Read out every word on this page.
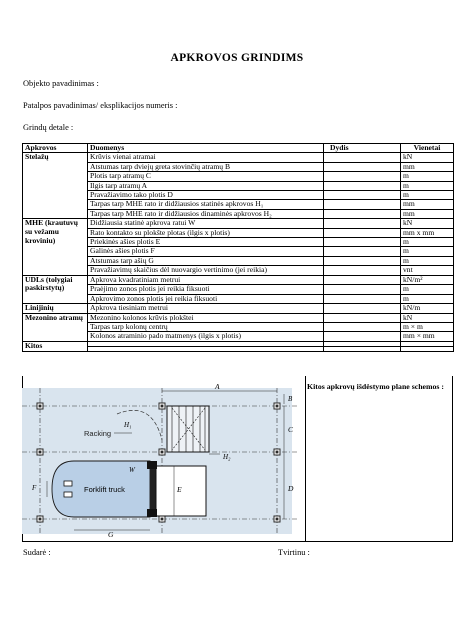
APKROVOS GRINDIMS
Objekto pavadinimas :
Patalpos pavadinimas/ eksplikacijos numeris :
Grindų detale :
Apkrovos	Duomenys	Dydis	Vienetai
Stelažų	Krūvis vienai atramai		kN
	Atstumas tarp dviejų greta stovinčių atramų B		mm
	Plotis tarp atramų C		m
	Ilgis tarp atramų A		m
	Pravažiavimo tako plotis D		m
	Tarpas tarp MHE rato ir didžiausios statinės apkrovos H₁		mm
	Tarpas tarp MHE rato ir didžiausios dinaminės apkrovos H₂		mm
MHE (krautuvų su vežamu kroviniu)	Didžiausia statinė apkrova ratui W		kN
	Rato kontakto su plokšte plotas (ilgis x plotis)		mm x mm
	Priekinės ašies plotis E		m
	Galinės ašies plotis F		m
	Atstumas tarp ašių G		m
	Pravažiavimų skaičius dėl nuovargio vertinimo (jei reikia)		vnt
UDLs (tolygiai paskirstytų)	Apkrova kvadratiniam metrui		kN/m²
	Praėjimo zonos plotis jei reikia fiksuoti		m
	Apkrovimo zonos plotis jei reikia fiksuoti		m
Linijinių	Apkrova tiesiniam metrui		kN/m
Mezonino atramų	Mezonino kolonos krūvis plokštei		kN
	Tarpas tarp kolonų centrų		m × m
	Kolonos atraminio pado matmenys (ilgis x plotis)		mm × mm
Kitos			

H₁
Racking
Forklift truck
W
F
A
B
C
D
E
G
H₂
Kitos apkrovų išdėstymo plane schemos :
Sudarė :	Tvirtinu :
